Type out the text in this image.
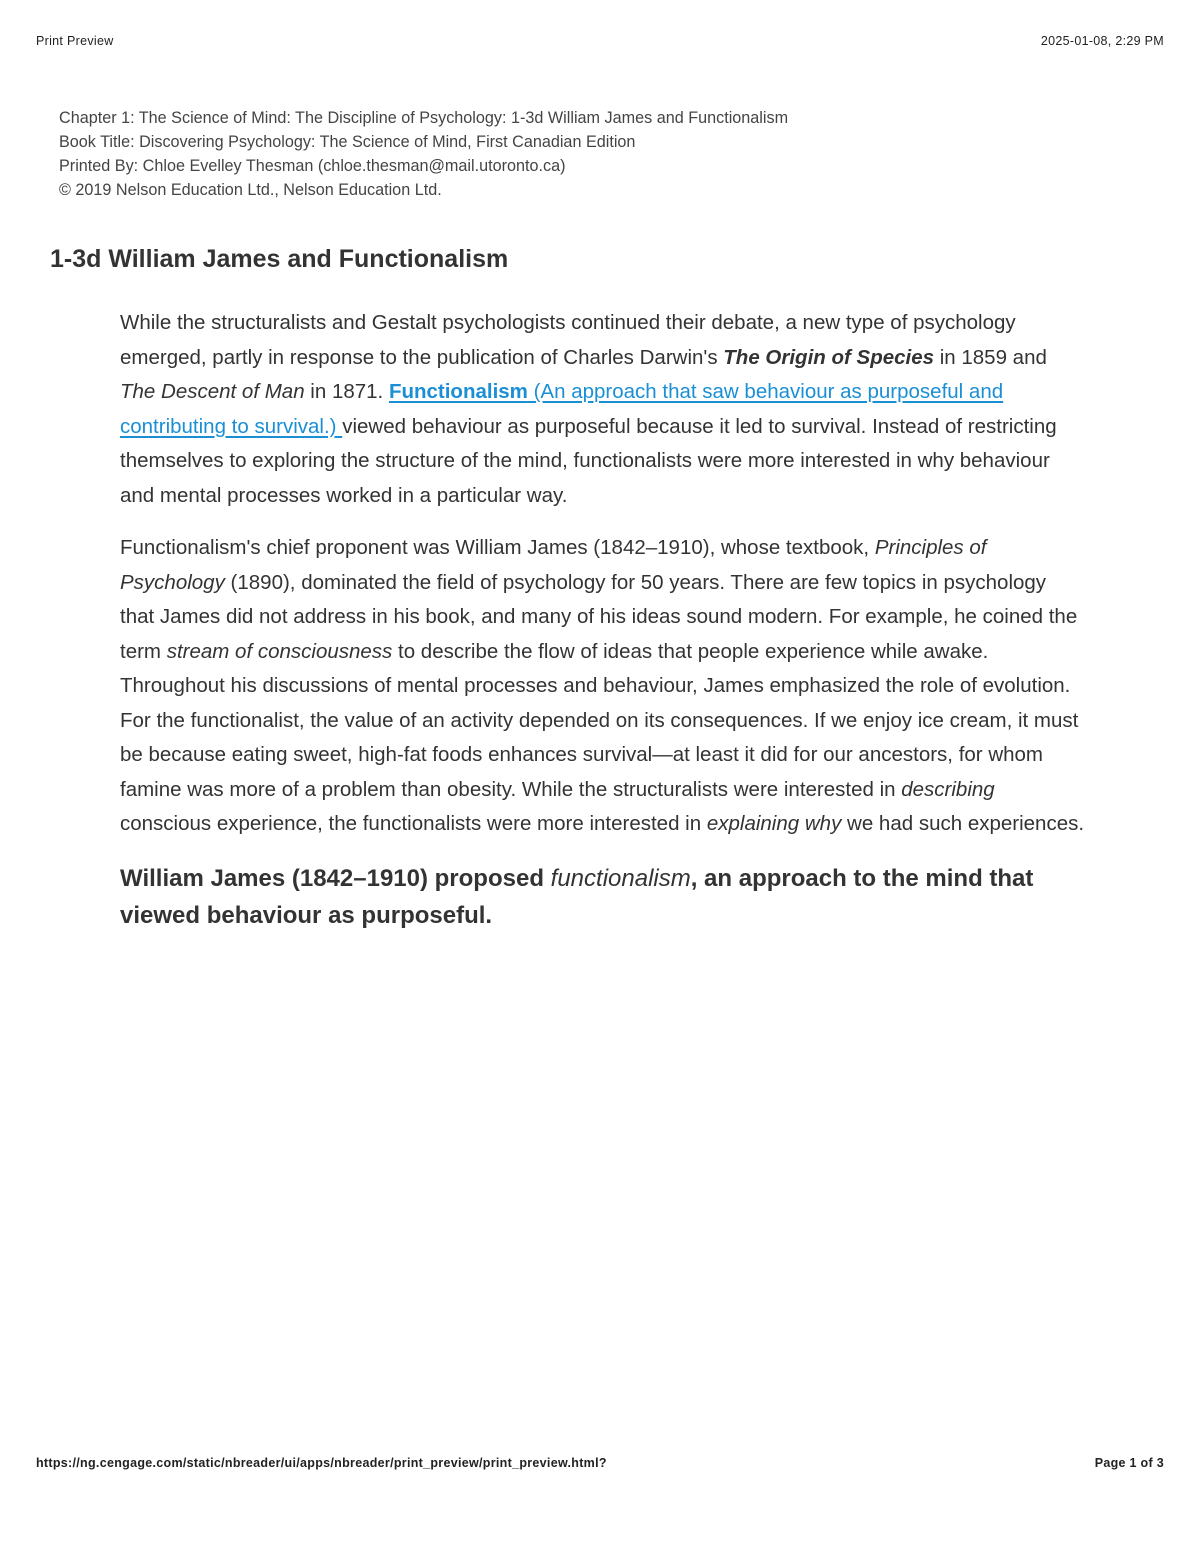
Print Preview	2025-01-08, 2:29 PM
Chapter 1: The Science of Mind: The Discipline of Psychology: 1-3d William James and Functionalism
Book Title: Discovering Psychology: The Science of Mind, First Canadian Edition
Printed By: Chloe Evelley Thesman (chloe.thesman@mail.utoronto.ca)
© 2019 Nelson Education Ltd., Nelson Education Ltd.
1-3d William James and Functionalism

While the structuralists and Gestalt psychologists continued their debate, a new type of psychology emerged, partly in response to the publication of Charles Darwin's The Origin of Species in 1859 and The Descent of Man in 1871. Functionalism (An approach that saw behaviour as purposeful and contributing to survival.) viewed behaviour as purposeful because it led to survival. Instead of restricting themselves to exploring the structure of the mind, functionalists were more interested in why behaviour and mental processes worked in a particular way.

Functionalism's chief proponent was William James (1842–1910), whose textbook, Principles of Psychology (1890), dominated the field of psychology for 50 years. There are few topics in psychology that James did not address in his book, and many of his ideas sound modern. For example, he coined the term stream of consciousness to describe the flow of ideas that people experience while awake. Throughout his discussions of mental processes and behaviour, James emphasized the role of evolution. For the functionalist, the value of an activity depended on its consequences. If we enjoy ice cream, it must be because eating sweet, high-fat foods enhances survival—at least it did for our ancestors, for whom famine was more of a problem than obesity. While the structuralists were interested in describing conscious experience, the functionalists were more interested in explaining why we had such experiences.

William James (1842–1910) proposed functionalism, an approach to the mind that viewed behaviour as purposeful.

https://ng.cengage.com/static/nbreader/ui/apps/nbreader/print_preview/print_preview.html?	Page 1 of 3
